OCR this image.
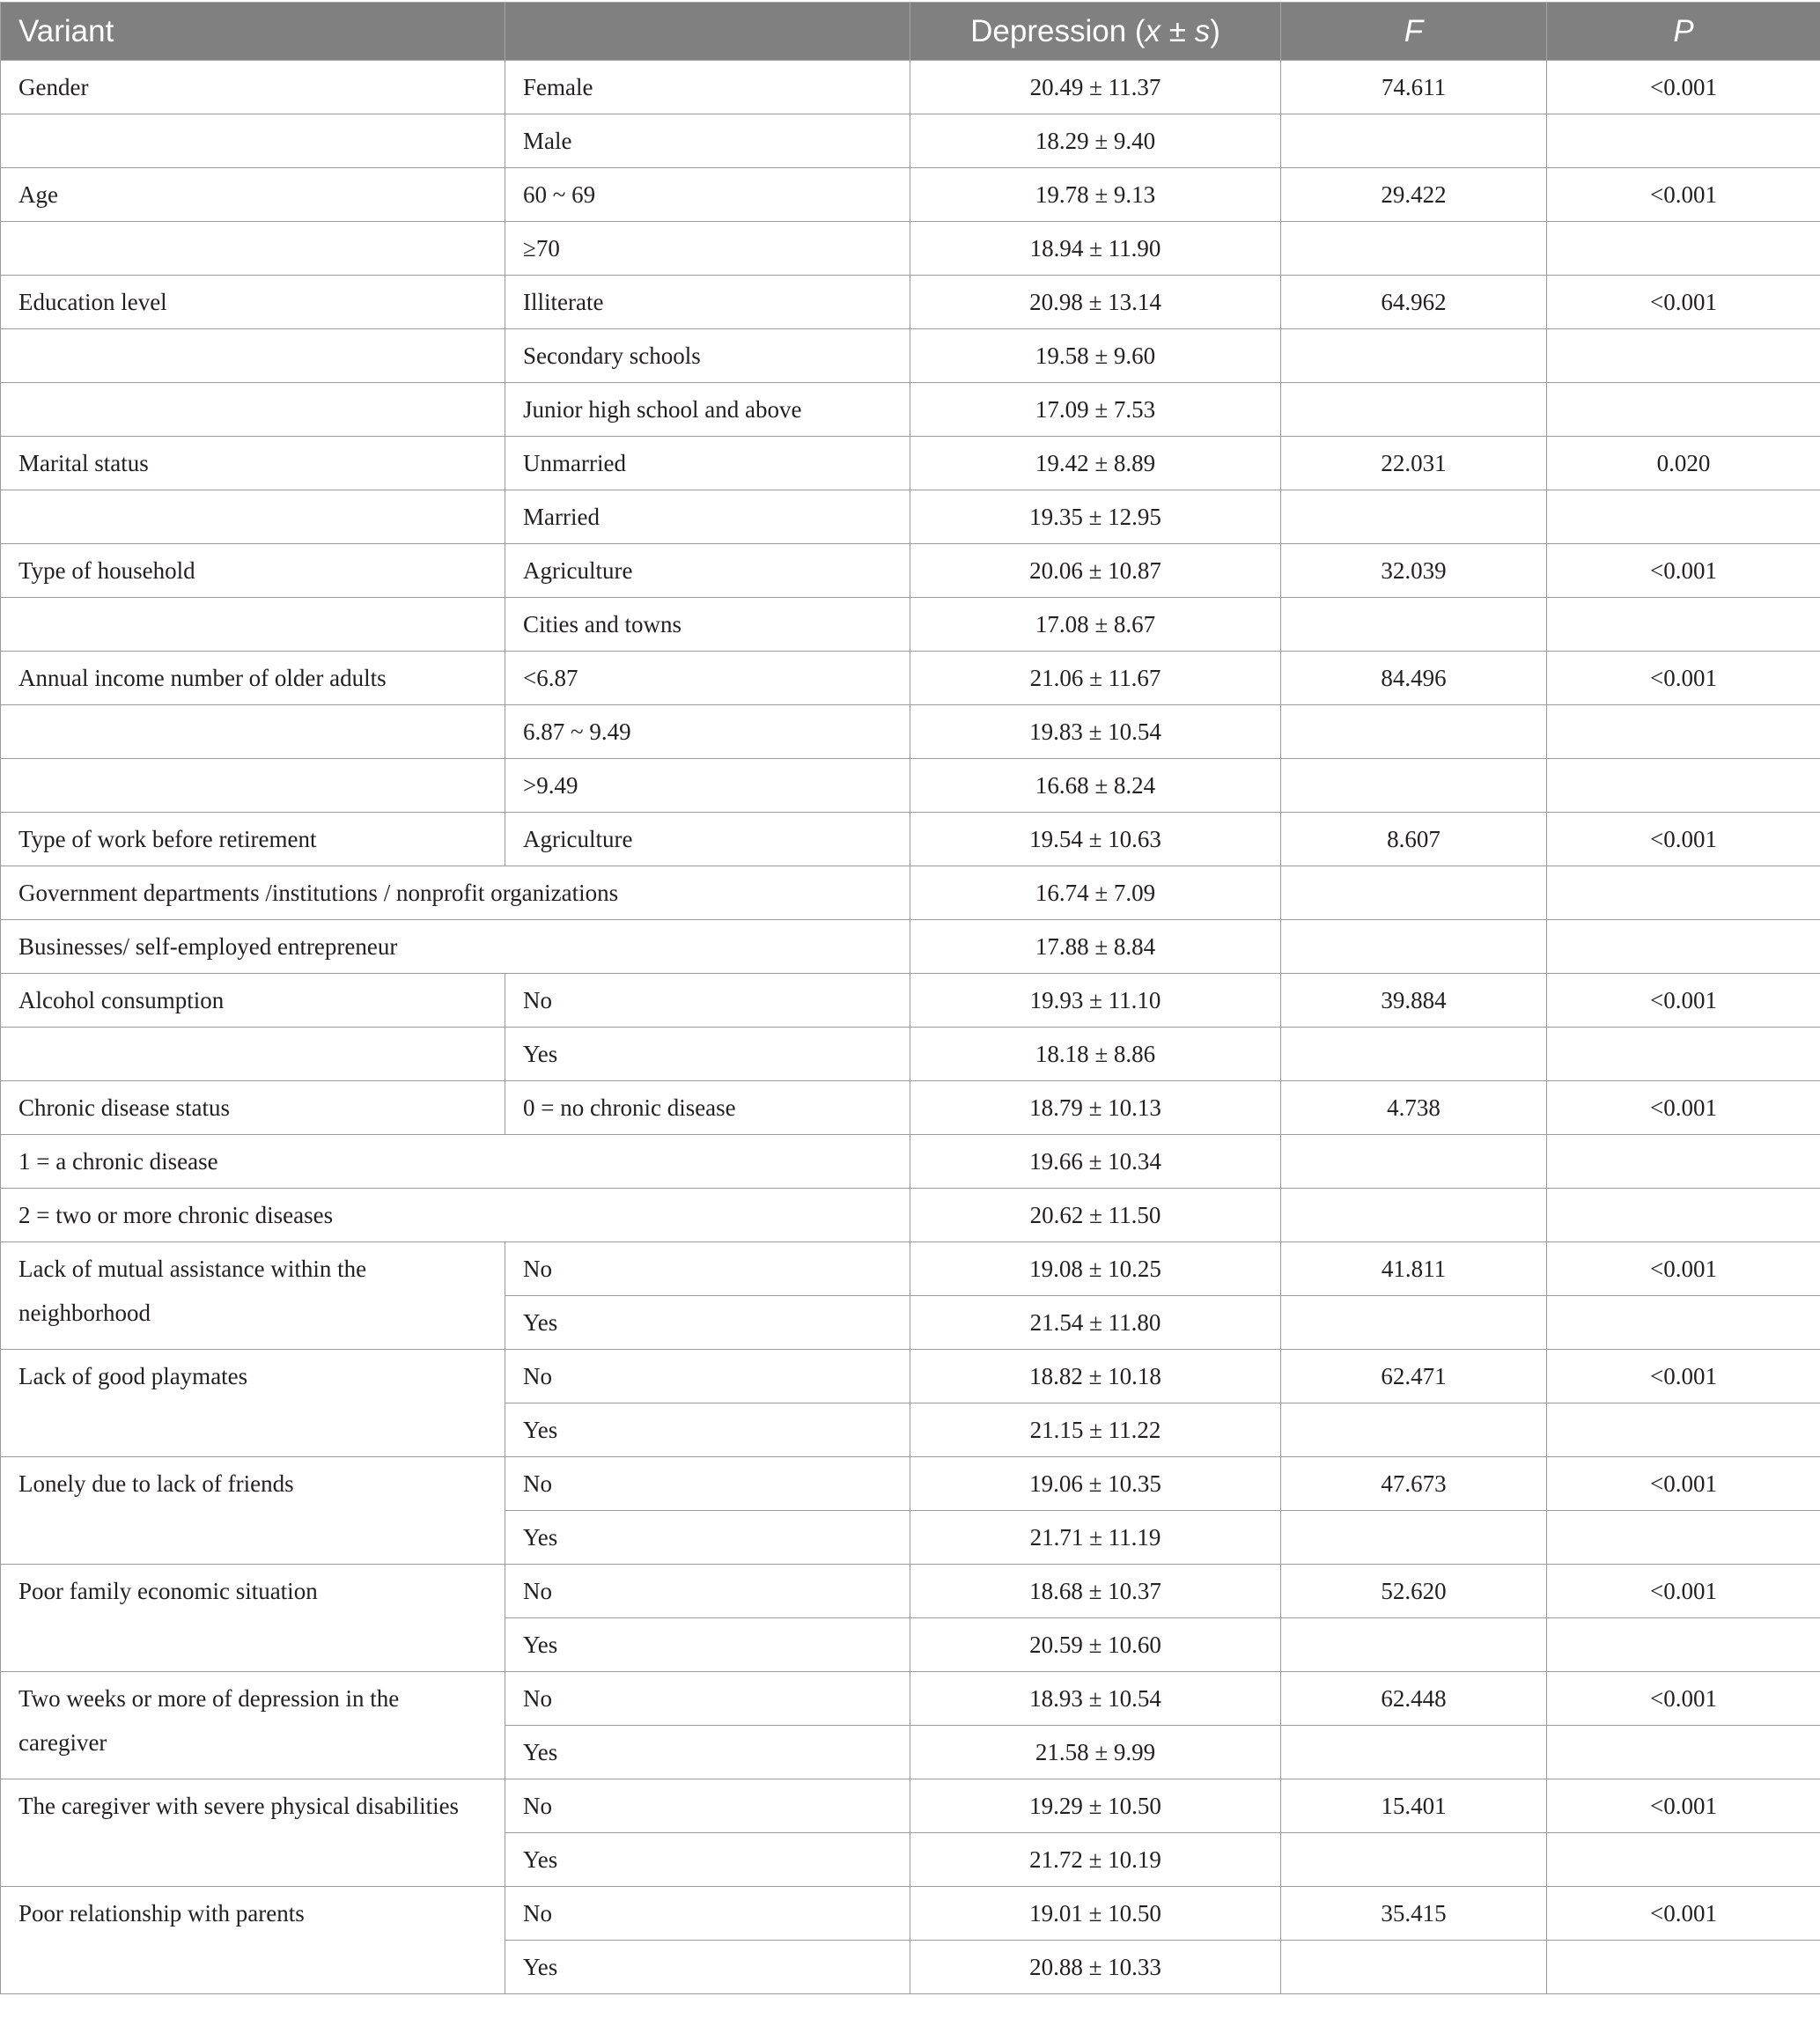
Variant		Depression (x ± s)	F	P
Gender	Female	20.49 ± 11.37	74.611	<0.001
	Male	18.29 ± 9.40		
Age	60 ~ 69	19.78 ± 9.13	29.422	<0.001
	≥70	18.94 ± 11.90		
Education level	Illiterate	20.98 ± 13.14	64.962	<0.001
	Secondary schools	19.58 ± 9.60		
	Junior high school and above	17.09 ± 7.53		
Marital status	Unmarried	19.42 ± 8.89	22.031	0.020
	Married	19.35 ± 12.95		
Type of household	Agriculture	20.06 ± 10.87	32.039	<0.001
	Cities and towns	17.08 ± 8.67		
Annual income number of older adults	<6.87	21.06 ± 11.67	84.496	<0.001
	6.87 ~ 9.49	19.83 ± 10.54		
	>9.49	16.68 ± 8.24		
Type of work before retirement	Agriculture	19.54 ± 10.63	8.607	<0.001
Government departments /institutions / nonprofit organizations		16.74 ± 7.09		
Businesses/ self-employed entrepreneur		17.88 ± 8.84		
Alcohol consumption	No	19.93 ± 11.10	39.884	<0.001
	Yes	18.18 ± 8.86		
Chronic disease status	0 = no chronic disease	18.79 ± 10.13	4.738	<0.001
1 = a chronic disease		19.66 ± 10.34		
2 = two or more chronic diseases		20.62 ± 11.50		
Lack of mutual assistance within the neighborhood	No	19.08 ± 10.25	41.811	<0.001
	Yes	21.54 ± 11.80		
Lack of good playmates	No	18.82 ± 10.18	62.471	<0.001
	Yes	21.15 ± 11.22		
Lonely due to lack of friends	No	19.06 ± 10.35	47.673	<0.001
	Yes	21.71 ± 11.19		
Poor family economic situation	No	18.68 ± 10.37	52.620	<0.001
	Yes	20.59 ± 10.60		
Two weeks or more of depression in the caregiver	No	18.93 ± 10.54	62.448	<0.001
	Yes	21.58 ± 9.99		
The caregiver with severe physical disabilities	No	19.29 ± 10.50	15.401	<0.001
	Yes	21.72 ± 10.19		
Poor relationship with parents	No	19.01 ± 10.50	35.415	<0.001
	Yes	20.88 ± 10.33		
